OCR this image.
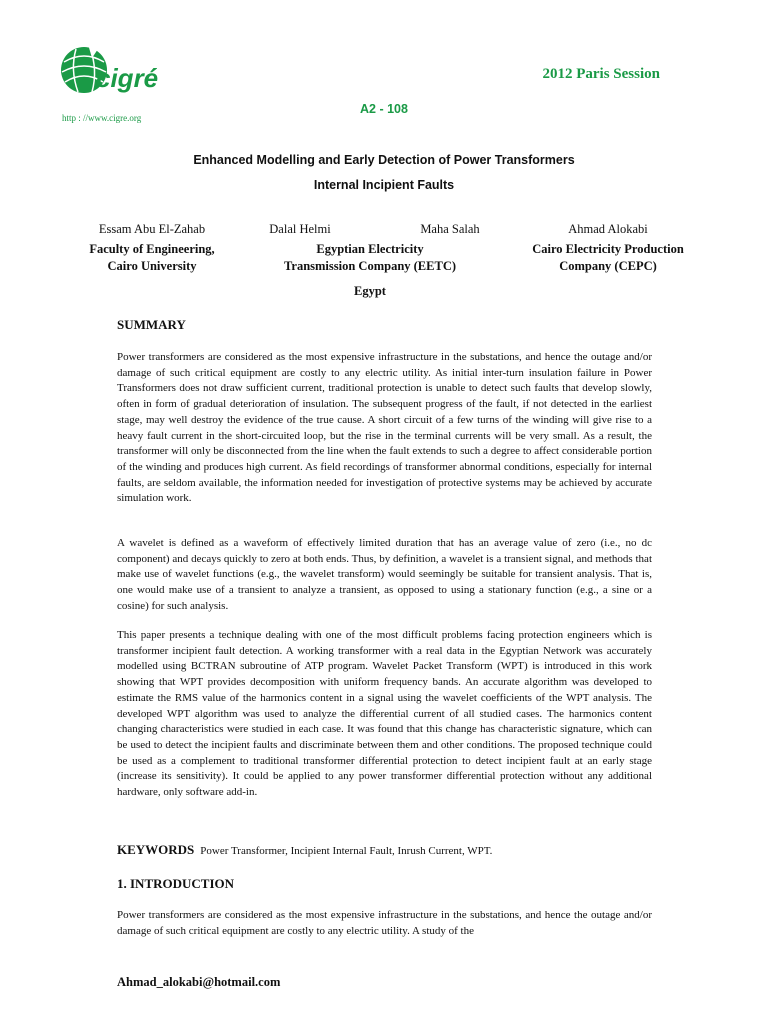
cigré
http : //www.cigre.org
2012 Paris Session
A2 - 108
Enhanced Modelling and Early Detection of Power Transformers
Internal Incipient Faults
Essam Abu El-Zahab
Faculty of Engineering,
Cairo University
Dalal Helmi	Maha Salah
Egyptian Electricity
Transmission Company (EETC)
Ahmad Alokabi
Cairo Electricity Production
Company (CEPC)
Egypt
SUMMARY

Power transformers are considered as the most expensive infrastructure in the substations, and hence the outage and/or damage of such critical equipment are costly to any electric utility. As initial inter-turn insulation failure in Power Transformers does not draw sufficient current, traditional protection is unable to detect such faults that develop slowly, often in form of gradual deterioration of insulation. The subsequent progress of the fault, if not detected in the earliest stage, may well destroy the evidence of the true cause. A short circuit of a few turns of the winding will give rise to a heavy fault current in the short-circuited loop, but the rise in the terminal currents will be very small. As a result, the transformer will only be disconnected from the line when the fault extends to such a degree to affect considerable portion of the winding and produces high current. As field recordings of transformer abnormal conditions, especially for internal faults, are seldom available, the information needed for investigation of protective systems may be achieved by accurate simulation work.

A wavelet is defined as a waveform of effectively limited duration that has an average value of zero (i.e., no dc component) and decays quickly to zero at both ends. Thus, by definition, a wavelet is a transient signal, and methods that make use of wavelet functions (e.g., the wavelet transform) would seemingly be suitable for transient analysis. That is, one would make use of a transient to analyze a transient, as opposed to using a stationary function (e.g., a sine or a cosine) for such analysis.

This paper presents a technique dealing with one of the most difficult problems facing protection engineers which is transformer incipient fault detection. A working transformer with a real data in the Egyptian Network was accurately modelled using BCTRAN subroutine of ATP program. Wavelet Packet Transform (WPT) is introduced in this work showing that WPT provides decomposition with uniform frequency bands. An accurate algorithm was developed to estimate the RMS value of the harmonics content in a signal using the wavelet coefficients of the WPT analysis. The developed WPT algorithm was used to analyze the differential current of all studied cases. The harmonics content changing characteristics were studied in each case. It was found that this change has characteristic signature, which can be used to detect the incipient faults and discriminate between them and other conditions. The proposed technique could be used as a complement to traditional transformer differential protection to detect incipient fault at an early stage (increase its sensitivity). It could be applied to any power transformer differential protection without any additional hardware, only software add-in.

KEYWORDS Power Transformer, Incipient Internal Fault, Inrush Current, WPT.
1. INTRODUCTION

Power transformers are considered as the most expensive infrastructure in the substations, and hence the outage and/or damage of such critical equipment are costly to any electric utility. A study of the

Ahmad_alokabi@hotmail.com
